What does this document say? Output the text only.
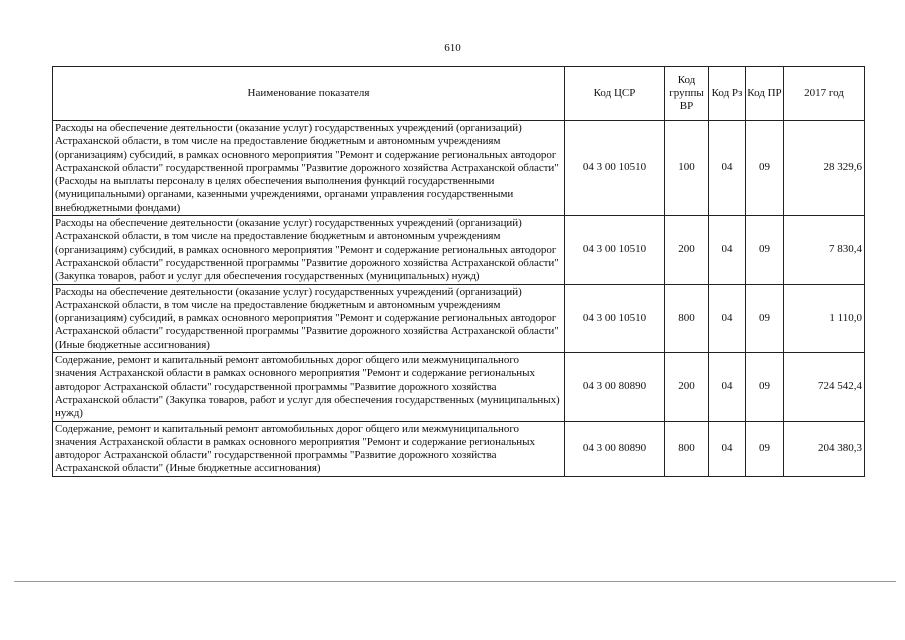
610
Наименование показателя	Код ЦСР	Код группы ВР	Код Рз	Код ПР	2017 год
Расходы на обеспечение деятельности (оказание услуг) государственных учреждений (организаций) Астраханской области, в том числе на предоставление бюджетным и автономным учреждениям (организациям) субсидий, в рамках основного мероприятия "Ремонт и содержание региональных автодорог Астраханской области" государственной программы "Развитие дорожного хозяйства Астраханской области" (Расходы на выплаты персоналу в целях обеспечения выполнения функций государственными (муниципальными) органами, казенными учреждениями, органами управления государственными внебюджетными фондами)	04 3 00 10510	100	04	09	28 329,6
Расходы на обеспечение деятельности (оказание услуг) государственных учреждений (организаций) Астраханской области, в том числе на предоставление бюджетным и автономным учреждениям (организациям) субсидий, в рамках основного мероприятия "Ремонт и содержание региональных автодорог Астраханской области" государственной программы "Развитие дорожного хозяйства Астраханской области" (Закупка товаров, работ и услуг для обеспечения государственных (муниципальных) нужд)	04 3 00 10510	200	04	09	7 830,4
Расходы на обеспечение деятельности (оказание услуг) государственных учреждений (организаций) Астраханской области, в том числе на предоставление бюджетным и автономным учреждениям (организациям) субсидий, в рамках основного мероприятия "Ремонт и содержание региональных автодорог Астраханской области" государственной программы "Развитие дорожного хозяйства Астраханской области" (Иные бюджетные ассигнования)	04 3 00 10510	800	04	09	1 110,0
Содержание, ремонт и капитальный ремонт автомобильных дорог общего или межмуниципального значения Астраханской области в рамках основного мероприятия "Ремонт и содержание региональных автодорог Астраханской области" государственной программы "Развитие дорожного хозяйства Астраханской области" (Закупка товаров, работ и услуг для обеспечения государственных (муниципальных) нужд)	04 3 00 80890	200	04	09	724 542,4
Содержание, ремонт и капитальный ремонт автомобильных дорог общего или межмуниципального значения Астраханской области в рамках основного мероприятия "Ремонт и содержание региональных автодорог Астраханской области" государственной программы "Развитие дорожного хозяйства Астраханской области" (Иные бюджетные ассигнования)	04 3 00 80890	800	04	09	204 380,3
